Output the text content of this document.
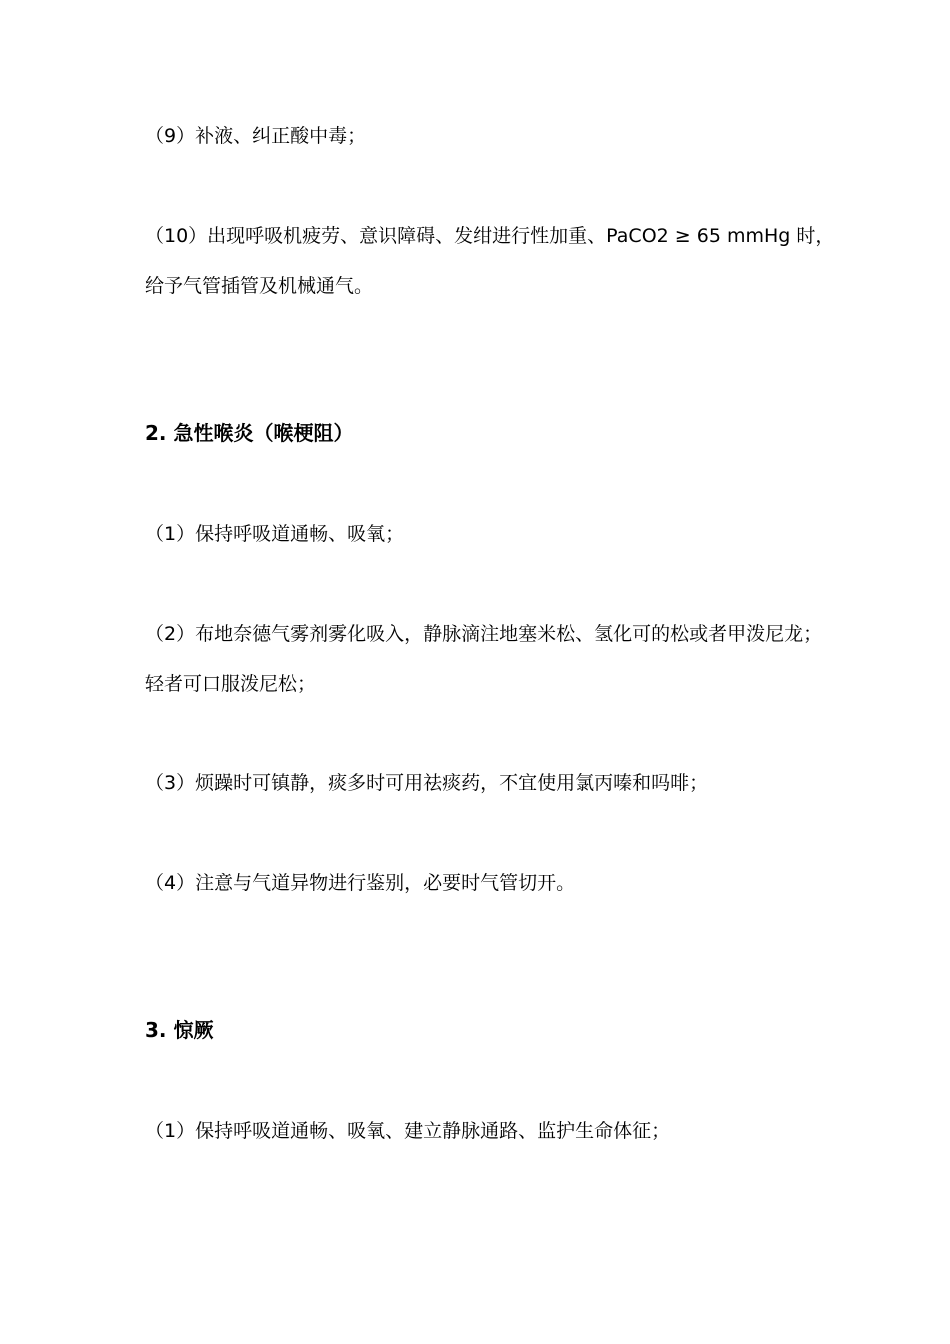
（9）补液、纠正酸中毒；
（10）出现呼吸机疲劳、意识障碍、发绀进行性加重、PaCO2 ≥ 65 mmHg 时，
给予气管插管及机械通气。
2. 急性喉炎（喉梗阻）
（1）保持呼吸道通畅、吸氧；
（2）布地奈德气雾剂雾化吸入，静脉滴注地塞米松、氢化可的松或者甲泼尼龙；
轻者可口服泼尼松；
（3）烦躁时可镇静，痰多时可用祛痰药，不宜使用氯丙嗪和吗啡；
（4）注意与气道异物进行鉴别，必要时气管切开。
3. 惊厥
（1）保持呼吸道通畅、吸氧、建立静脉通路、监护生命体征；
